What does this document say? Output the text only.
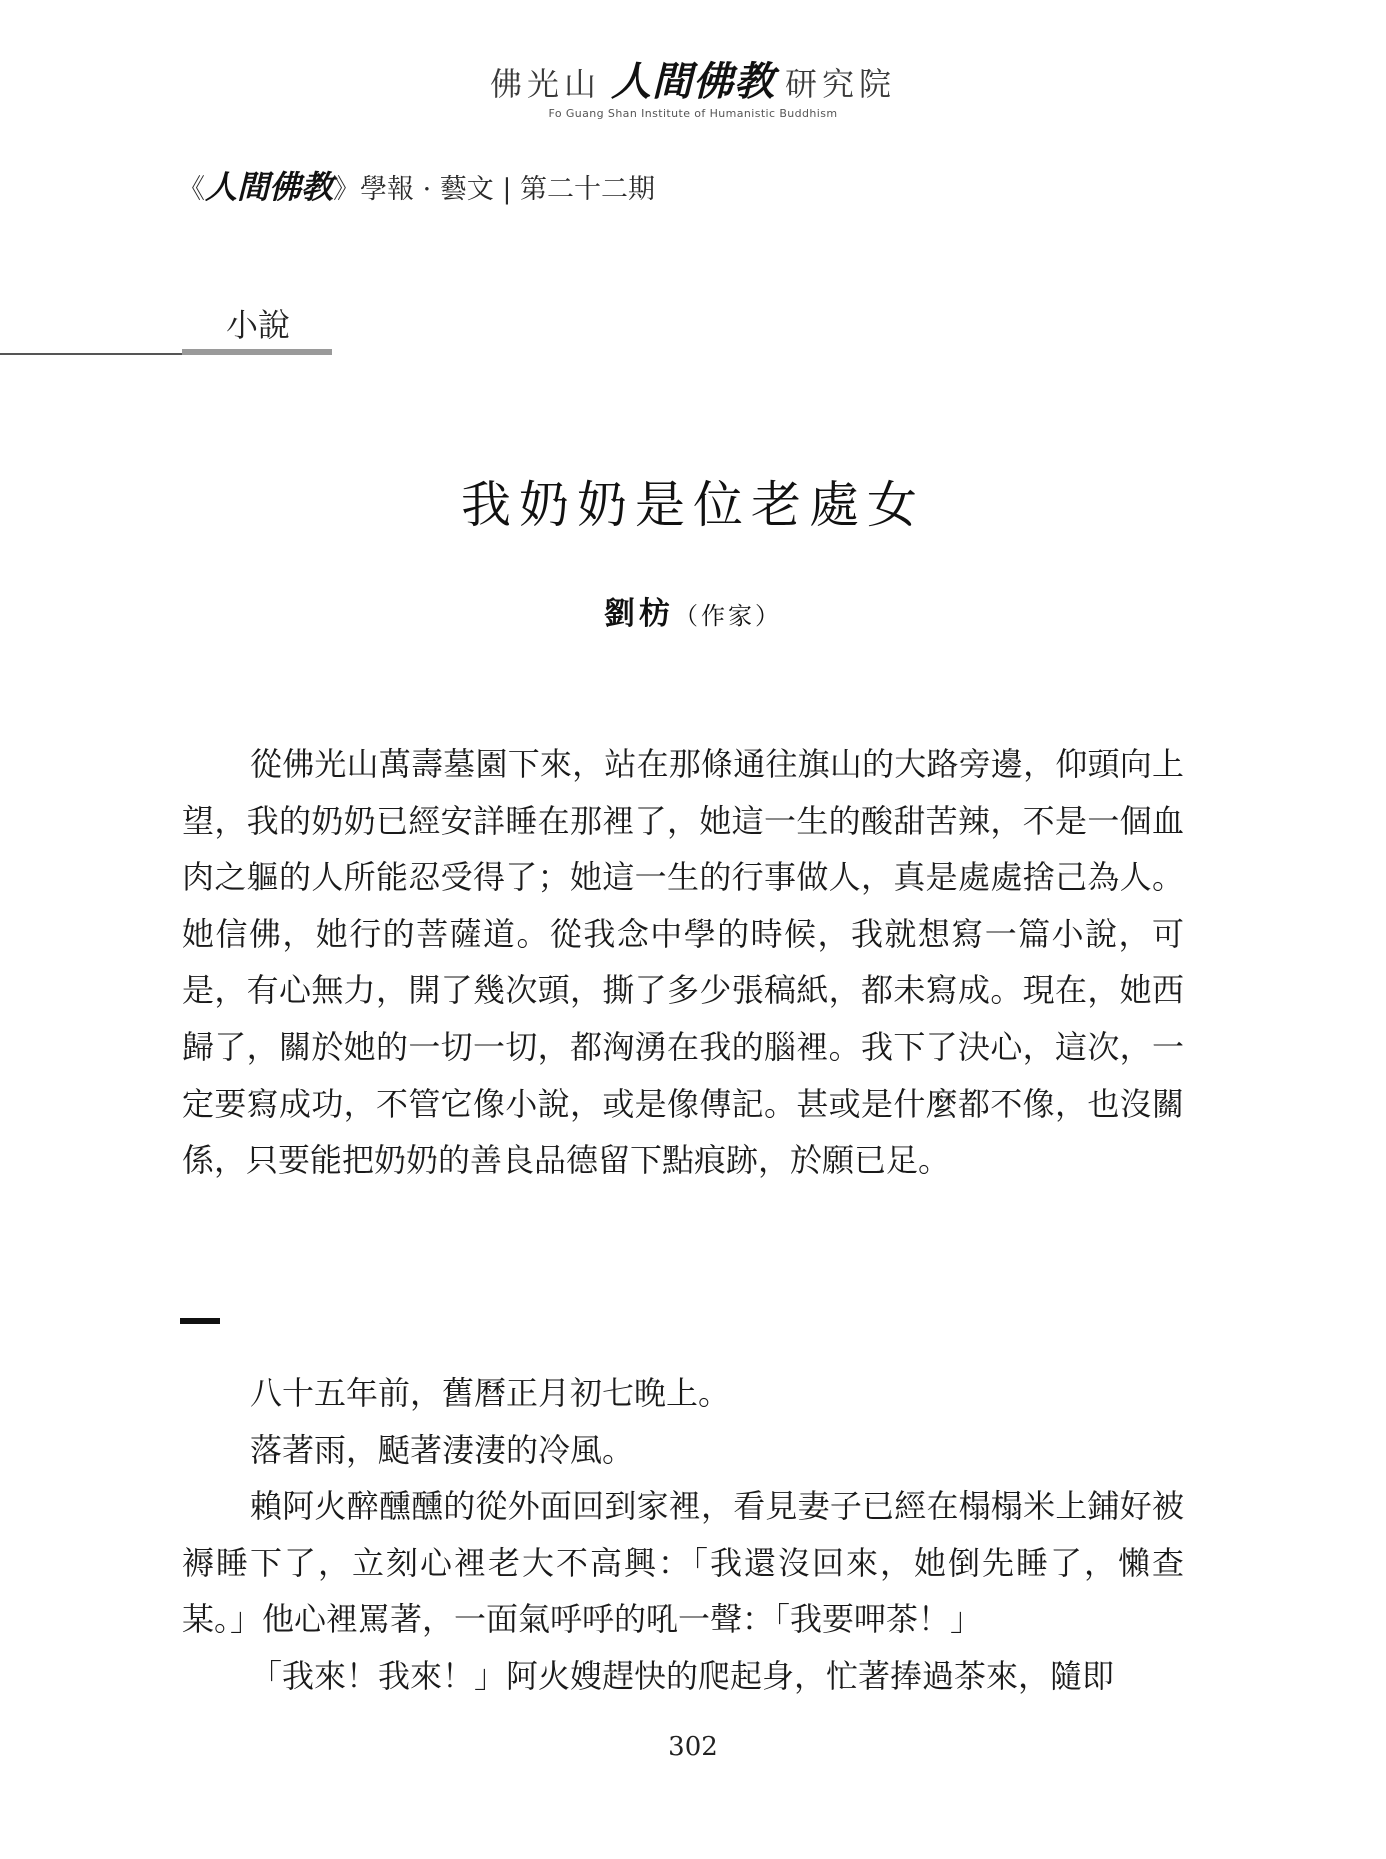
佛光山 人間佛教 研究院
Fo Guang Shan Institute of Humanistic Buddhism
《人間佛教》學報 · 藝文 | 第二十二期
小說
我奶奶是位老處女
劉枋（作家）

從佛光山萬壽墓園下來，站在那條通往旗山的大路旁邊，仰頭向上望，我的奶奶已經安詳睡在那裡了，她這一生的酸甜苦辣，不是一個血肉之軀的人所能忍受得了；她這一生的行事做人，真是處處捨己為人。她信佛，她行的菩薩道。從我念中學的時候，我就想寫一篇小說，可是，有心無力，開了幾次頭，撕了多少張稿紙，都未寫成。現在，她西歸了，關於她的一切一切，都洶湧在我的腦裡。我下了決心，這次，一定要寫成功，不管它像小說，或是像傳記。甚或是什麼都不像，也沒關係，只要能把奶奶的善良品德留下點痕跡，於願已足。

八十五年前，舊曆正月初七晚上。

落著雨，颳著淒淒的冷風。

賴阿火醉醺醺的從外面回到家裡，看見妻子已經在榻榻米上鋪好被褥睡下了，立刻心裡老大不高興：「我還沒回來，她倒先睡了，懶查某。」他心裡罵著，一面氣呼呼的吼一聲：「我要呷茶！」

「我來！我來！」阿火嫂趕快的爬起身，忙著捧過茶來，隨即

302
